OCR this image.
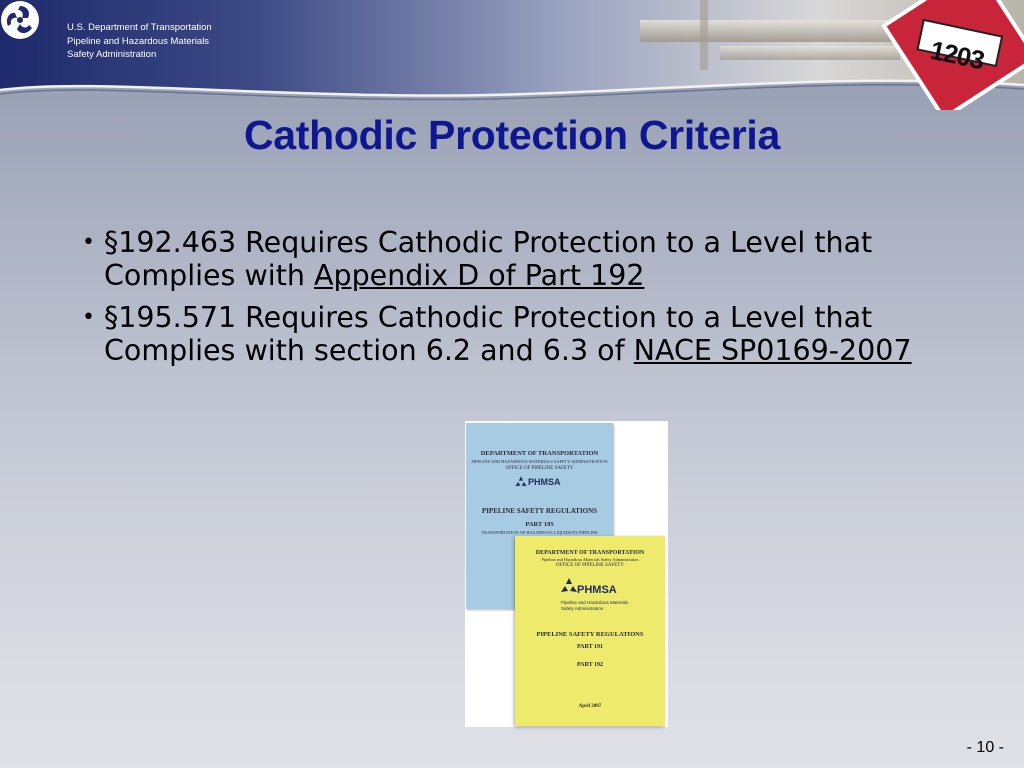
1203
U.S. Department of Transportation
Pipeline and Hazardous Materials
Safety Administration
Cathodic Protection Criteria
• §192.463 Requires Cathodic Protection to a Level that Complies with Appendix D of Part 192
• §195.571 Requires Cathodic Protection to a Level that Complies with section 6.2 and 6.3 of NACE SP0169-2007
DEPARTMENT OF TRANSPORTATION
PIPELINE AND HAZARDOUS MATERIALS SAFETY ADMINISTRATION
OFFICE OF PIPELINE SAFETY
PHMSA
PIPELINE SAFETY REGULATIONS
PART 195
TRANSPORTATION OF HAZARDOUS LIQUIDS BY PIPELINE
DEPARTMENT OF TRANSPORTATION
Pipeline and Hazardous Materials Safety Administration
OFFICE OF PIPELINE SAFETY
PHMSA
Pipeline and Hazardous Materials
Safety Administration
PIPELINE SAFETY REGULATIONS
PART 191
PART 192
April 2007
- 10 -
